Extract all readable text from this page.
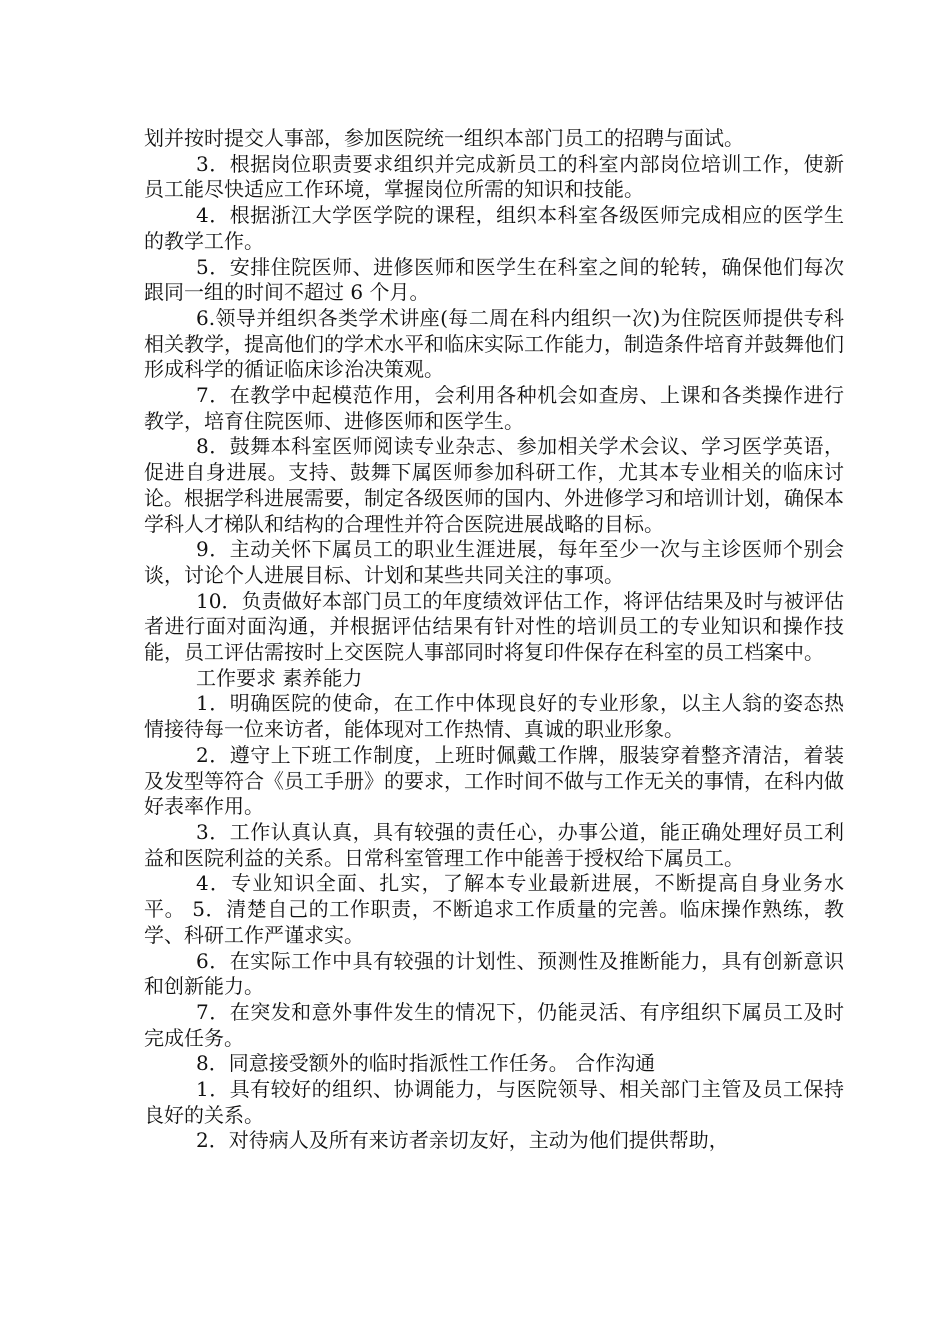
划并按时提交人事部，参加医院统一组织本部门员工的招聘与面试。

3．根据岗位职责要求组织并完成新员工的科室内部岗位培训工作，使新员工能尽快适应工作环境，掌握岗位所需的知识和技能。

4．根据浙江大学医学院的课程，组织本科室各级医师完成相应的医学生的教学工作。

5．安排住院医师、进修医师和医学生在科室之间的轮转，确保他们每次跟同一组的时间不超过 6 个月。

6.领导并组织各类学术讲座(每二周在科内组织一次)为住院医师提供专科相关教学，提高他们的学术水平和临床实际工作能力，制造条件培育并鼓舞他们形成科学的循证临床诊治决策观。

7．在教学中起模范作用，会利用各种机会如查房、上课和各类操作进行教学，培育住院医师、进修医师和医学生。

8．鼓舞本科室医师阅读专业杂志、参加相关学术会议、学习医学英语，促进自身进展。支持、鼓舞下属医师参加科研工作，尤其本专业相关的临床讨论。根据学科进展需要，制定各级医师的国内、外进修学习和培训计划，确保本学科人才梯队和结构的合理性并符合医院进展战略的目标。

9．主动关怀下属员工的职业生涯进展，每年至少一次与主诊医师个别会谈，讨论个人进展目标、计划和某些共同关注的事项。

10．负责做好本部门员工的年度绩效评估工作，将评估结果及时与被评估者进行面对面沟通，并根据评估结果有针对性的培训员工的专业知识和操作技能，员工评估需按时上交医院人事部同时将复印件保存在科室的员工档案中。

工作要求 素养能力

1．明确医院的使命，在工作中体现良好的专业形象，以主人翁的姿态热情接待每一位来访者，能体现对工作热情、真诚的职业形象。

2．遵守上下班工作制度，上班时佩戴工作牌，服装穿着整齐清洁，着装及发型等符合《员工手册》的要求，工作时间不做与工作无关的事情，在科内做好表率作用。

3．工作认真认真，具有较强的责任心，办事公道，能正确处理好员工利益和医院利益的关系。日常科室管理工作中能善于授权给下属员工。

4．专业知识全面、扎实，了解本专业最新进展，不断提高自身业务水平。 5．清楚自己的工作职责，不断追求工作质量的完善。临床操作熟练，教学、科研工作严谨求实。

6．在实际工作中具有较强的计划性、预测性及推断能力，具有创新意识和创新能力。

7．在突发和意外事件发生的情况下，仍能灵活、有序组织下属员工及时完成任务。

8．同意接受额外的临时指派性工作任务。 合作沟通

1．具有较好的组织、协调能力，与医院领导、相关部门主管及员工保持良好的关系。

2．对待病人及所有来访者亲切友好，主动为他们提供帮助，
